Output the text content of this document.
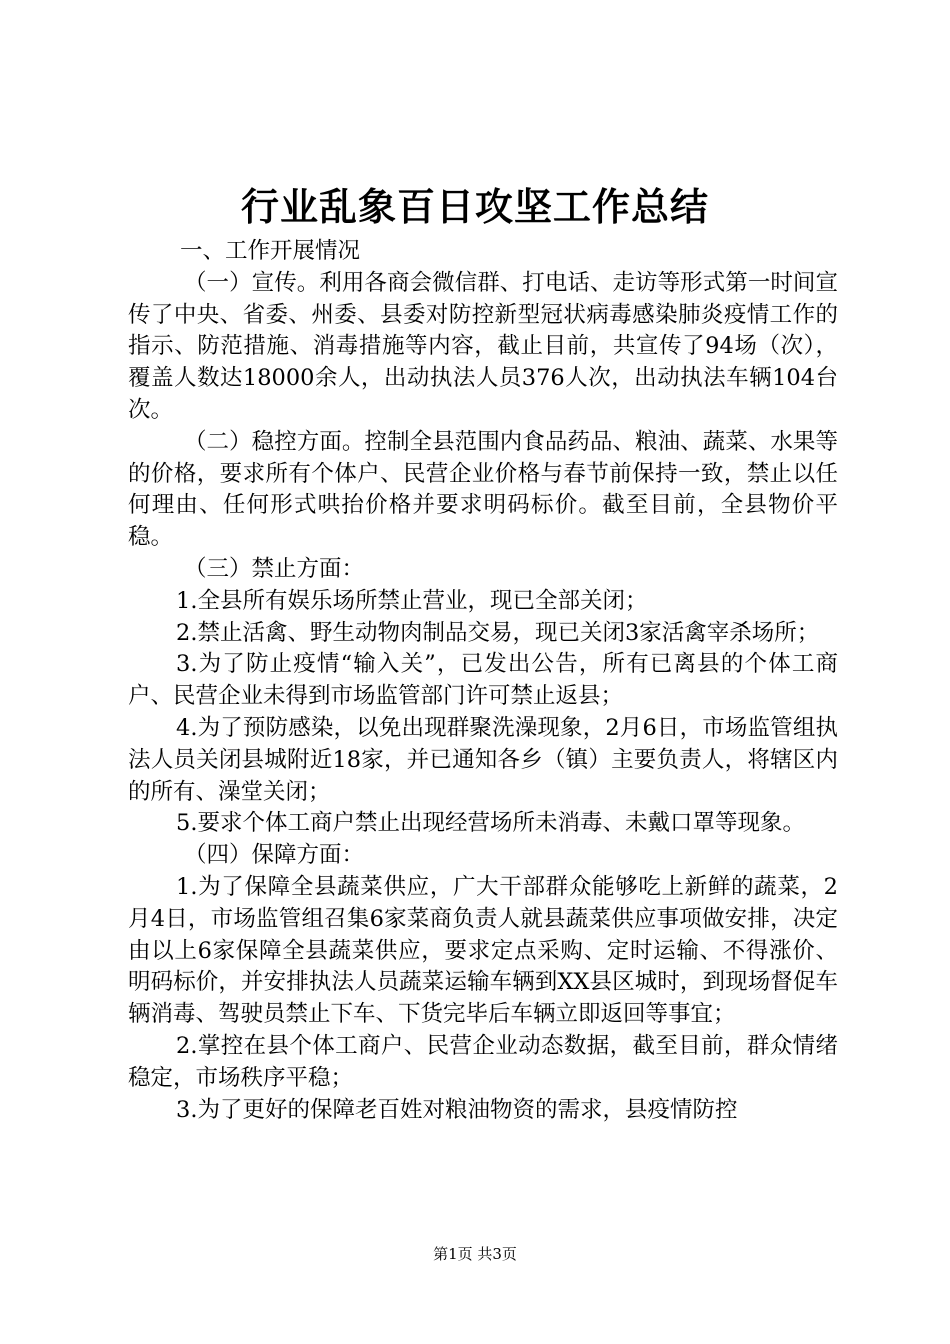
行业乱象百日攻坚工作总结

一、工作开展情况

（一）宣传。利用各商会微信群、打电话、走访等形式第一时间宣传了中央、省委、州委、县委对防控新型冠状病毒感染肺炎疫情工作的指示、防范措施、消毒措施等内容，截止目前，共宣传了94场（次），覆盖人数达18000余人，出动执法人员376人次，出动执法车辆104台次。

（二）稳控方面。控制全县范围内食品药品、粮油、蔬菜、水果等的价格，要求所有个体户、民营企业价格与春节前保持一致，禁止以任何理由、任何形式哄抬价格并要求明码标价。截至目前，全县物价平稳。

（三）禁止方面：

1.全县所有娱乐场所禁止营业，现已全部关闭；

2.禁止活禽、野生动物肉制品交易，现已关闭3家活禽宰杀场所；

3.为了防止疫情“输入关”，已发出公告，所有已离县的个体工商户、民营企业未得到市场监管部门许可禁止返县；

4.为了预防感染，以免出现群聚洗澡现象，2月6日，市场监管组执法人员关闭县城附近18家，并已通知各乡（镇）主要负责人，将辖区内的所有、澡堂关闭；

5.要求个体工商户禁止出现经营场所未消毒、未戴口罩等现象。

（四）保障方面：

1.为了保障全县蔬菜供应，广大干部群众能够吃上新鲜的蔬菜，2月4日，市场监管组召集6家菜商负责人就县蔬菜供应事项做安排，决定由以上6家保障全县蔬菜供应，要求定点采购、定时运输、不得涨价、明码标价，并安排执法人员蔬菜运输车辆到XX县区城时，到现场督促车辆消毒、驾驶员禁止下车、下货完毕后车辆立即返回等事宜；

2.掌控在县个体工商户、民营企业动态数据，截至目前，群众情绪稳定，市场秩序平稳；

3.为了更好的保障老百姓对粮油物资的需求，县疫情防控

第1页 共3页
